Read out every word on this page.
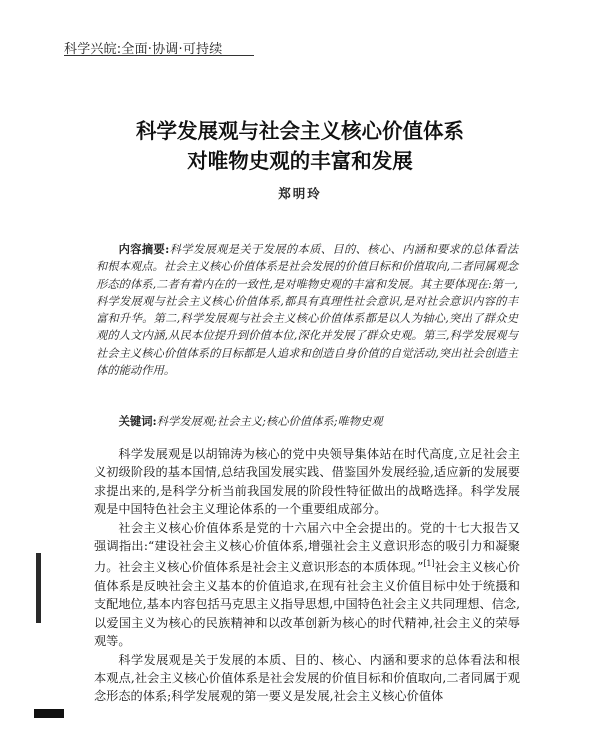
科学兴皖:全面·协调·可持续
科学发展观与社会主义核心价值体系
对唯物史观的丰富和发展
郑明玲

内容摘要:科学发展观是关于发展的本质、目的、核心、内涵和要求的总体看法和根本观点。社会主义核心价值体系是社会发展的价值目标和价值取向,二者同属观念形态的体系,二者有着内在的一致性,是对唯物史观的丰富和发展。其主要体现在:第一,科学发展观与社会主义核心价值体系,都具有真理性社会意识,是对社会意识内容的丰富和升华。第二,科学发展观与社会主义核心价值体系都是以人为轴心,突出了群众史观的人文内涵,从民本位提升到价值本位,深化并发展了群众史观。第三,科学发展观与社会主义核心价值体系的目标都是人追求和创造自身价值的自觉活动,突出社会创造主体的能动作用。

关键词:科学发展观;社会主义;核心价值体系;唯物史观

科学发展观是以胡锦涛为核心的党中央领导集体站在时代高度,立足社会主义初级阶段的基本国情,总结我国发展实践、借鉴国外发展经验,适应新的发展要求提出来的,是科学分析当前我国发展的阶段性特征做出的战略选择。科学发展观是中国特色社会主义理论体系的一个重要组成部分。

社会主义核心价值体系是党的十六届六中全会提出的。党的十七大报告又强调指出:“建设社会主义核心价值体系,增强社会主义意识形态的吸引力和凝聚力。社会主义核心价值体系是社会主义意识形态的本质体现。”[1]社会主义核心价值体系是反映社会主义基本的价值追求,在现有社会主义价值目标中处于统摄和支配地位,基本内容包括马克思主义指导思想,中国特色社会主义共同理想、信念,以爱国主义为核心的民族精神和以改革创新为核心的时代精神,社会主义的荣辱观等。

科学发展观是关于发展的本质、目的、核心、内涵和要求的总体看法和根本观点,社会主义核心价值体系是社会发展的价值目标和价值取向,二者同属于观念形态的体系;科学发展观的第一要义是发展,社会主义核心价值体
